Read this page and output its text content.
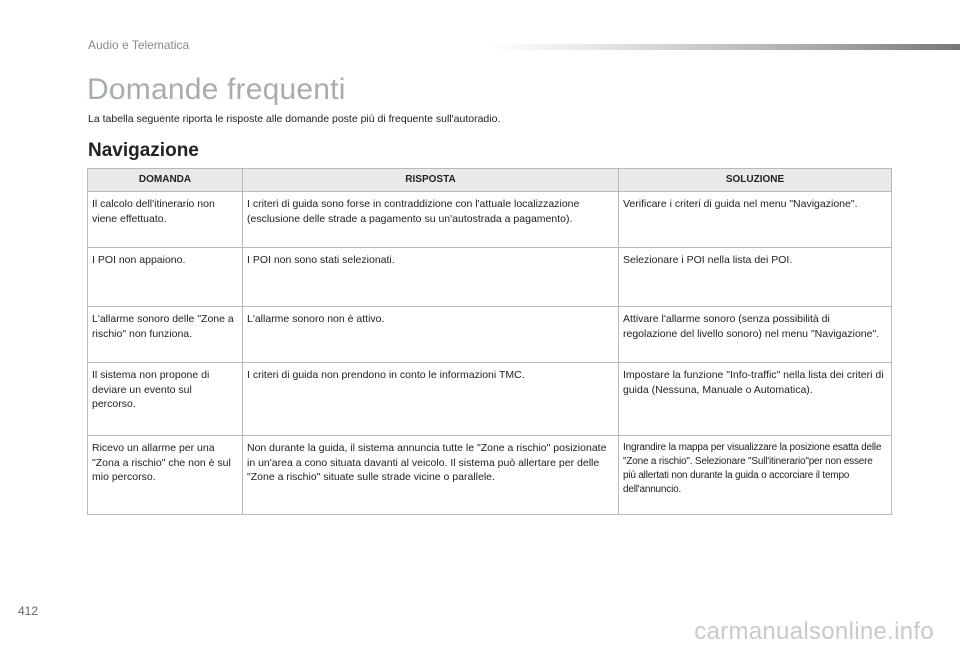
Audio e Telematica
Domande frequenti
La tabella seguente riporta le risposte alle domande poste più di frequente sull'autoradio.
Navigazione
DOMANDA	RISPOSTA	SOLUZIONE
Il calcolo dell'itinerario non viene effettuato.	I criteri di guida sono forse in contraddizione con l'attuale localizzazione (esclusione delle strade a pagamento su un'autostrada a pagamento).	Verificare i criteri di guida nel menu "Navigazione".
I POI non appaiono.	I POI non sono stati selezionati.	Selezionare i POI nella lista dei POI.
L'allarme sonoro delle "Zone a rischio" non funziona.	L'allarme sonoro non è attivo.	Attivare l'allarme sonoro (senza possibilità di regolazione del livello sonoro) nel menu "Navigazione".
Il sistema non propone di deviare un evento sul percorso.	I criteri di guida non prendono in conto le informazioni TMC.	Impostare la funzione "Info-traffic" nella lista dei criteri di guida (Nessuna, Manuale o Automatica).
Ricevo un allarme per una "Zona a rischio" che non è sul mio percorso.	Non durante la guida, il sistema annuncia tutte le "Zone a rischio" posizionate in un'area a cono situata davanti al veicolo. Il sistema può allertare per delle "Zone a rischio" situate sulle strade vicine o parallele.	Ingrandire la mappa per visualizzare la posizione esatta delle "Zone a rischio". Selezionare "Sull'itinerario"per non essere più allertati non durante la guida o accorciare il tempo dell'annuncio.
412
carmanualsonline.info
